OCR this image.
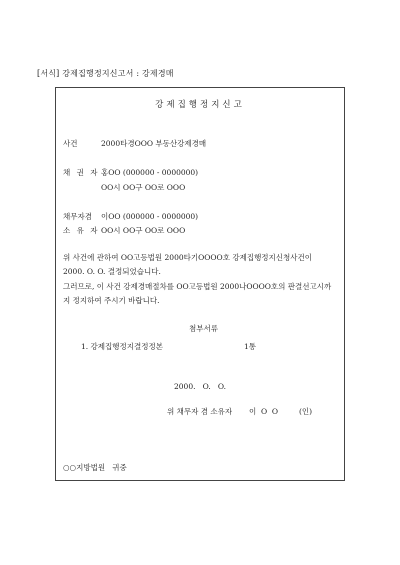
[서식] 강제집행정지신고서 : 강제경매
강제집행정지신고
사건	2000타경OOO 부동산강제경매
채 권 자 홍OO (000000 - 0000000)
OO시 OO구 OO로 OOO
채무자겸 이OO (000000 - 0000000)
소 유 자 OO시 OO구 OO로 OOO
위 사건에 관하여 OO고등법원 2000타기OOOO호 강제집행정지신청사건이
2000. O. O. 결정되었습니다.
그러므로, 이 사건 강제경매절차를 OO고등법원 2000나OOOO호의 판결선고시까
지 정지하여 주시기 바랍니다.
첨부서류
1. 강제집행정지결정정본	1통
2000.   O.   O.
위 채무자 겸 소유자 이  O  O	(인)
○○지방법원   귀중
